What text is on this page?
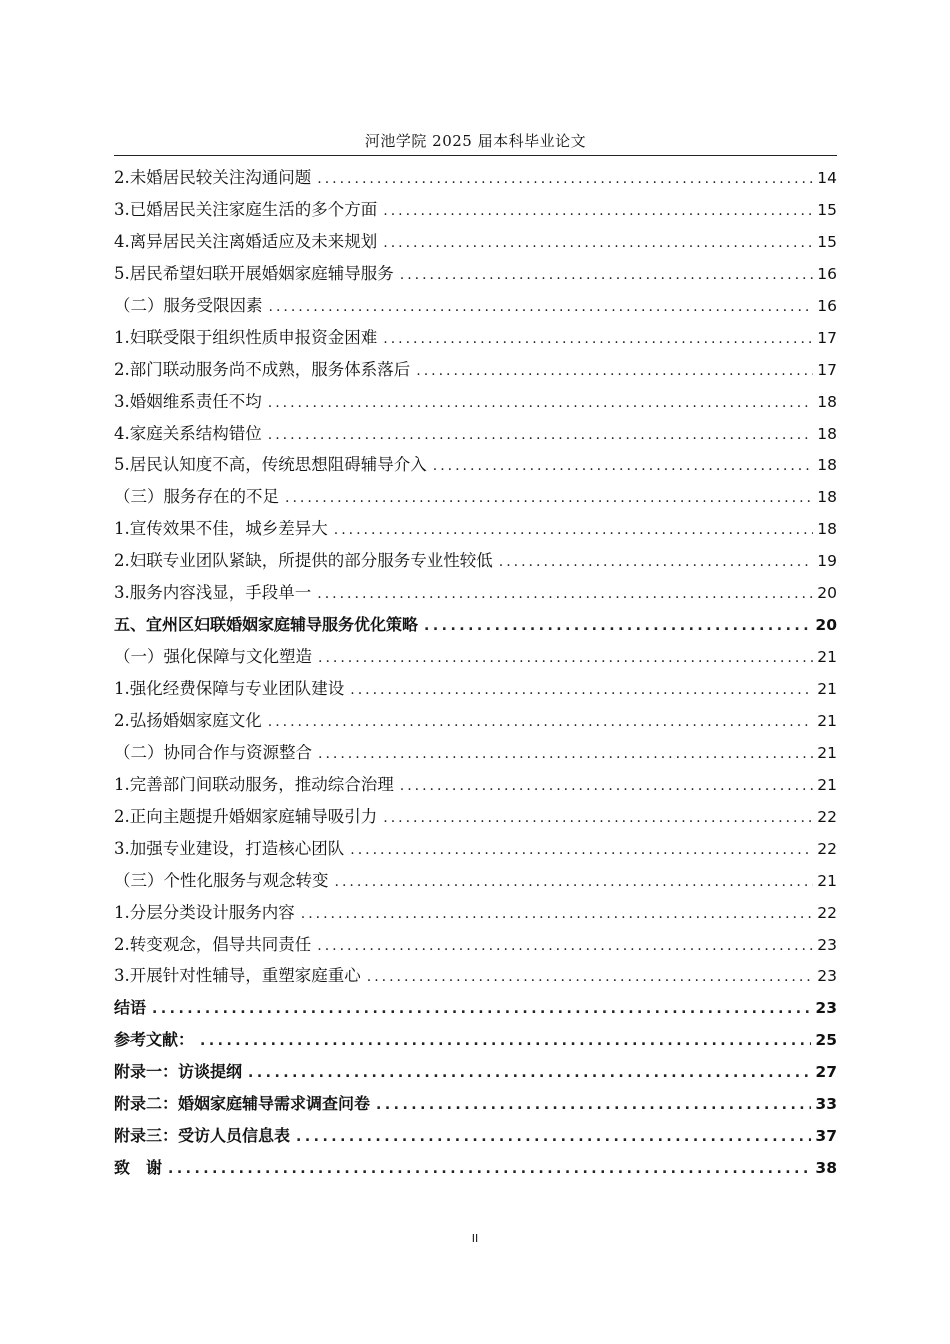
河池学院 2025 届本科毕业论文
2.未婚居民较关注沟通问题 .....	14
3.已婚居民关注家庭生活的多个方面 .....	15
4.离异居民关注离婚适应及未来规划 .....	15
5.居民希望妇联开展婚姻家庭辅导服务 .....	16
（二）服务受限因素 .....	16
1.妇联受限于组织性质申报资金困难 .....	17
2.部门联动服务尚不成熟，服务体系落后 .....	17
3.婚姻维系责任不均 .....	18
4.家庭关系结构错位 .....	18
5.居民认知度不高，传统思想阻碍辅导介入 .....	18
（三）服务存在的不足 .....	18
1.宣传效果不佳，城乡差异大 .....	18
2.妇联专业团队紧缺，所提供的部分服务专业性较低 .....	19
3.服务内容浅显，手段单一 .....	20
五、宜州区妇联婚姻家庭辅导服务优化策略 .....	20
（一）强化保障与文化塑造 .....	21
1.强化经费保障与专业团队建设 .....	21
2.弘扬婚姻家庭文化 .....	21
（二）协同合作与资源整合 .....	21
1.完善部门间联动服务，推动综合治理 .....	21
2.正向主题提升婚姻家庭辅导吸引力 .....	22
3.加强专业建设，打造核心团队 .....	22
（三）个性化服务与观念转变 .....	21
1.分层分类设计服务内容 .....	22
2.转变观念，倡导共同责任 .....	23
3.开展针对性辅导，重塑家庭重心 .....	23
结语 .....	23
参考文献： .....	25
附录一：访谈提纲 .....	27
附录二：婚姻家庭辅导需求调查问卷 .....	33
附录三：受访人员信息表 .....	37
致　谢 .....	38
II
